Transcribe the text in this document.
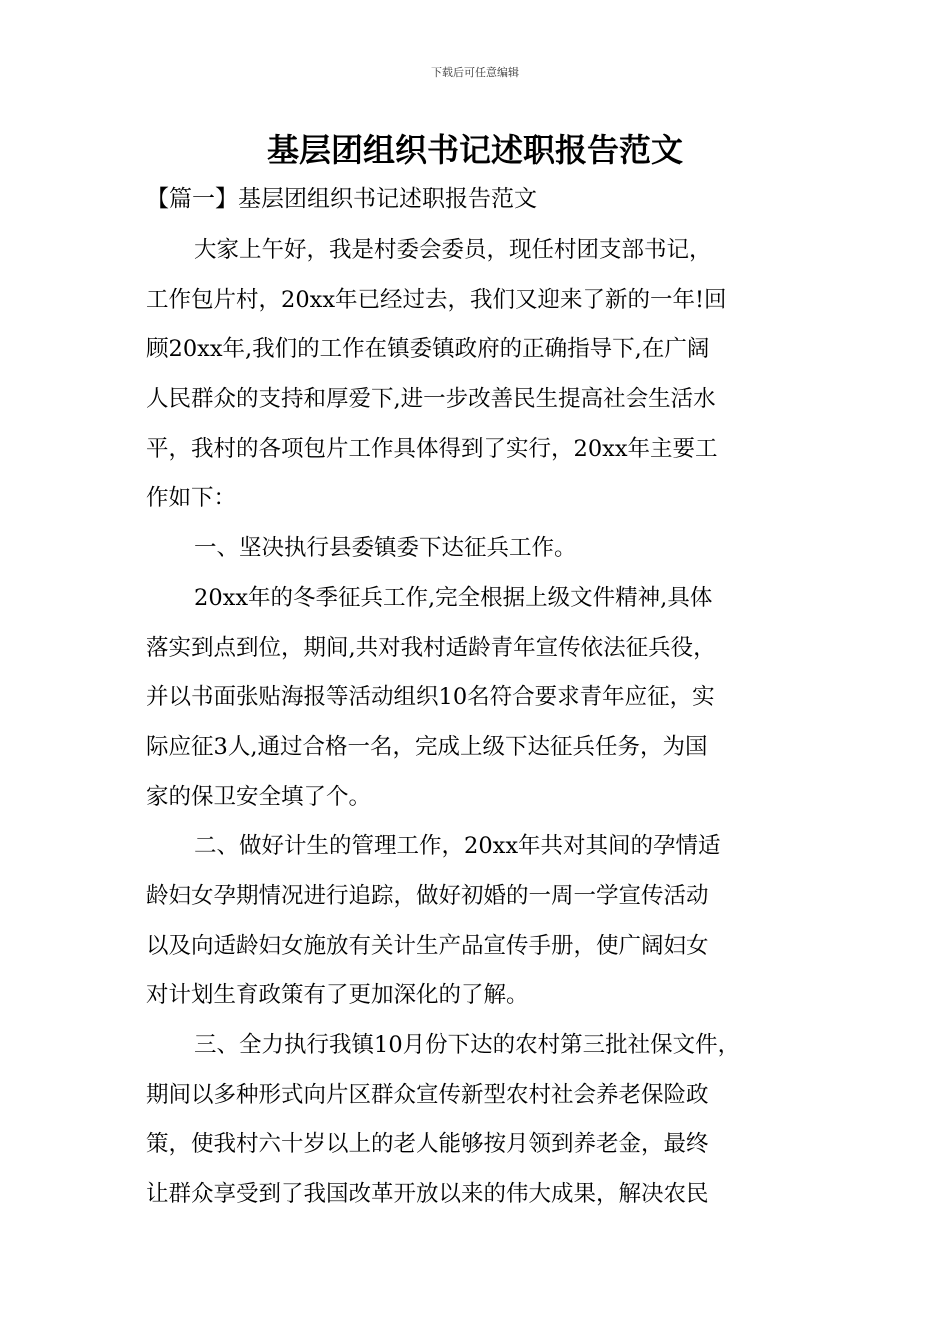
下载后可任意编辑
基层团组织书记述职报告范文
【篇一】基层团组织书记述职报告范文

大家上午好，我是村委会委员，现任村团支部书记，
工作包片村，20xx年已经过去，我们又迎来了新的一年!回
顾20xx年,我们的工作在镇委镇政府的正确指导下,在广阔
人民群众的支持和厚爱下,进一步改善民生提高社会生活水
平，我村的各项包片工作具体得到了实行，20xx年主要工
作如下：

一、坚决执行县委镇委下达征兵工作。

20xx年的冬季征兵工作,完全根据上级文件精神,具体
落实到点到位，期间,共对我村适龄青年宣传依法征兵役，
并以书面张贴海报等活动组织10名符合要求青年应征，实
际应征3人,通过合格一名，完成上级下达征兵任务，为国
家的保卫安全填了个。

二、做好计生的管理工作，20xx年共对其间的孕情适
龄妇女孕期情况进行追踪，做好初婚的一周一学宣传活动
以及向适龄妇女施放有关计生产品宣传手册，使广阔妇女
对计划生育政策有了更加深化的了解。

三、全力执行我镇10月份下达的农村第三批社保文件，
期间以多种形式向片区群众宣传新型农村社会养老保险政
策，使我村六十岁以上的老人能够按月领到养老金，最终
让群众享受到了我国改革开放以来的伟大成果，解决农民
